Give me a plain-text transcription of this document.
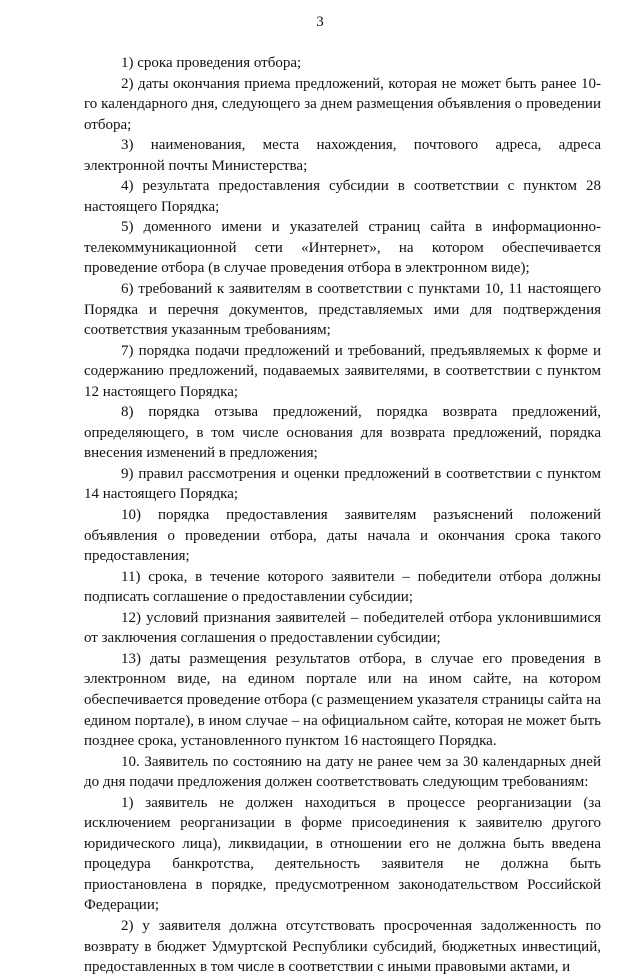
3

1) срока проведения отбора;

2) даты окончания приема предложений, которая не может быть ранее 10-го календарного дня, следующего за днем размещения объявления о проведении отбора;

3) наименования, места нахождения, почтового адреса, адреса электронной почты Министерства;

4) результата предоставления субсидии в соответствии с пунктом 28 настоящего Порядка;

5) доменного имени и указателей страниц сайта в информационно-телекоммуникационной сети «Интернет», на котором обеспечивается проведение отбора (в случае проведения отбора в электронном виде);

6) требований к заявителям в соответствии с пунктами 10, 11 настоящего Порядка и перечня документов, представляемых ими для подтверждения соответствия указанным требованиям;

7) порядка подачи предложений и требований, предъявляемых к форме и содержанию предложений, подаваемых заявителями, в соответствии с пунктом 12 настоящего Порядка;

8) порядка отзыва предложений, порядка возврата предложений, определяющего, в том числе основания для возврата предложений, порядка внесения изменений в предложения;

9) правил рассмотрения и оценки предложений в соответствии с пунктом 14 настоящего Порядка;

10) порядка предоставления заявителям разъяснений положений объявления о проведении отбора, даты начала и окончания срока такого предоставления;

11) срока, в течение которого заявители – победители отбора должны подписать соглашение о предоставлении субсидии;

12) условий признания заявителей – победителей отбора уклонившимися от заключения соглашения о предоставлении субсидии;

13) даты размещения результатов отбора, в случае его проведения в электронном виде, на едином портале или на ином сайте, на котором обеспечивается проведение отбора (с размещением указателя страницы сайта на едином портале), в ином случае – на официальном сайте, которая не может быть позднее срока, установленного пунктом 16 настоящего Порядка.

10. Заявитель по состоянию на дату не ранее чем за 30 календарных дней до дня подачи предложения должен соответствовать следующим требованиям:

1) заявитель не должен находиться в процессе реорганизации (за исключением реорганизации в форме присоединения к заявителю другого юридического лица), ликвидации, в отношении его не должна быть введена процедура банкротства, деятельность заявителя не должна быть приостановлена в порядке, предусмотренном законодательством Российской Федерации;

2) у заявителя должна отсутствовать просроченная задолженность по возврату в бюджет Удмуртской Республики субсидий, бюджетных инвестиций, предоставленных в том числе в соответствии с иными правовыми актами, и
